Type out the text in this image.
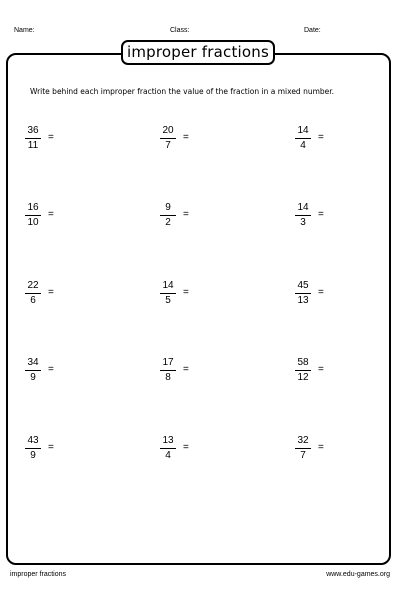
Name:	Class:	Date:
improper fractions
Write behind each improper fraction the value of the fraction in a mixed number.
36
11
=
20
7
=
14
4
=
16
10
=
9
2
=
14
3
=
22
6
=
14
5
=
45
13
=
34
9
=
17
8
=
58
12
=
43
9
=
13
4
=
32
7
=
improper fractions	www.edu-games.org
